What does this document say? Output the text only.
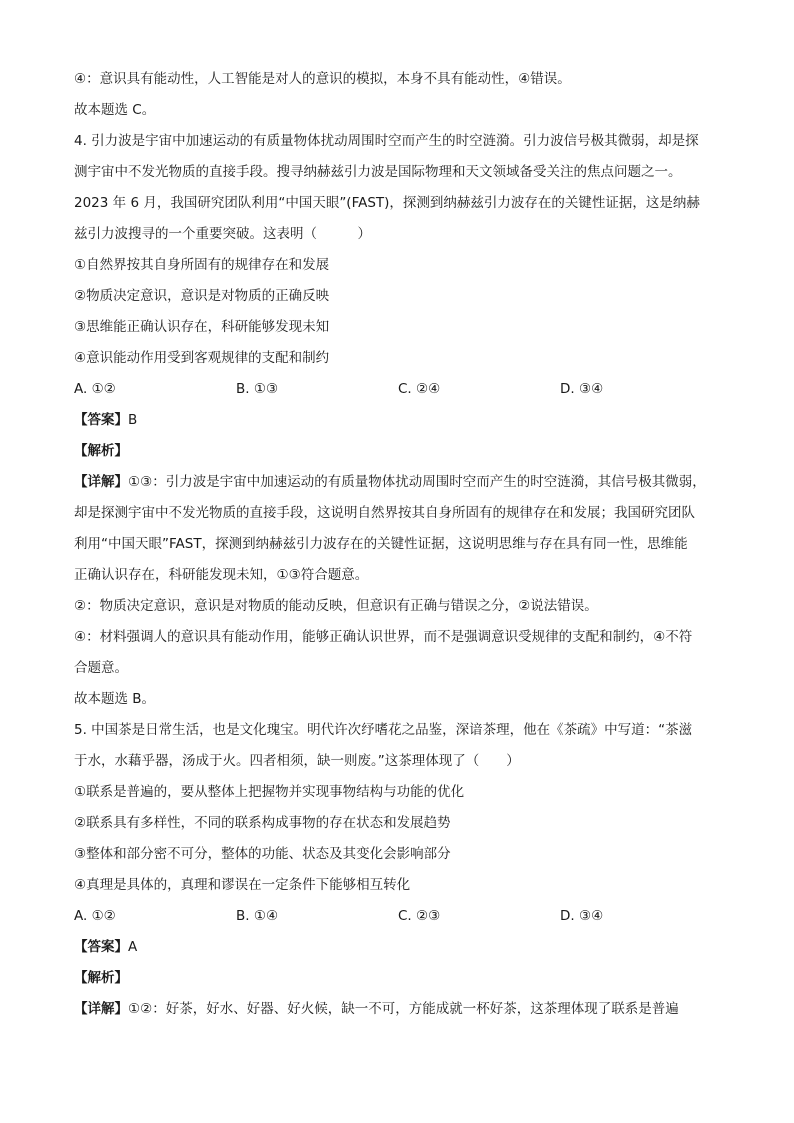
④：意识具有能动性，人工智能是对人的意识的模拟，本身不具有能动性，④错误。
故本题选 C。
4. 引力波是宇宙中加速运动的有质量物体扰动周围时空而产生的时空涟漪。引力波信号极其微弱，却是探
测宇宙中不发光物质的直接手段。搜寻纳赫兹引力波是国际物理和天文领域备受关注的焦点问题之一。
2023 年 6 月，我国研究团队利用“中国天眼”(FAST)，探测到纳赫兹引力波存在的关键性证据，这是纳赫
兹引力波搜寻的一个重要突破。这表明（　　　）
①自然界按其自身所固有的规律存在和发展
②物质决定意识，意识是对物质的正确反映
③思维能正确认识存在，科研能够发现未知
④意识能动作用受到客观规律的支配和制约
A. ①②	B. ①③	C. ②④	D. ③④
【答案】B
【解析】
【详解】①③：引力波是宇宙中加速运动的有质量物体扰动周围时空而产生的时空涟漪，其信号极其微弱，
却是探测宇宙中不发光物质的直接手段，这说明自然界按其自身所固有的规律存在和发展；我国研究团队
利用“中国天眼”FAST，探测到纳赫兹引力波存在的关键性证据，这说明思维与存在具有同一性，思维能
正确认识存在，科研能发现未知，①③符合题意。
②：物质决定意识，意识是对物质的能动反映，但意识有正确与错误之分，②说法错误。
④：材料强调人的意识具有能动作用，能够正确认识世界，而不是强调意识受规律的支配和制约，④不符
合题意。
故本题选 B。
5. 中国茶是日常生活，也是文化瑰宝。明代许次纾嗜花之品鉴，深谙茶理，他在《茶疏》中写道：“茶滋
于水，水藉乎器，汤成于火。四者相须，缺一则废。”这茶理体现了（　　）
①联系是普遍的，要从整体上把握物并实现事物结构与功能的优化
②联系具有多样性，不同的联系构成事物的存在状态和发展趋势
③整体和部分密不可分，整体的功能、状态及其变化会影响部分
④真理是具体的，真理和谬误在一定条件下能够相互转化
A. ①②	B. ①④	C. ②③	D. ③④
【答案】A
【解析】
【详解】①②：好茶，好水、好器、好火候，缺一不可，方能成就一杯好茶，这茶理体现了联系是普遍
